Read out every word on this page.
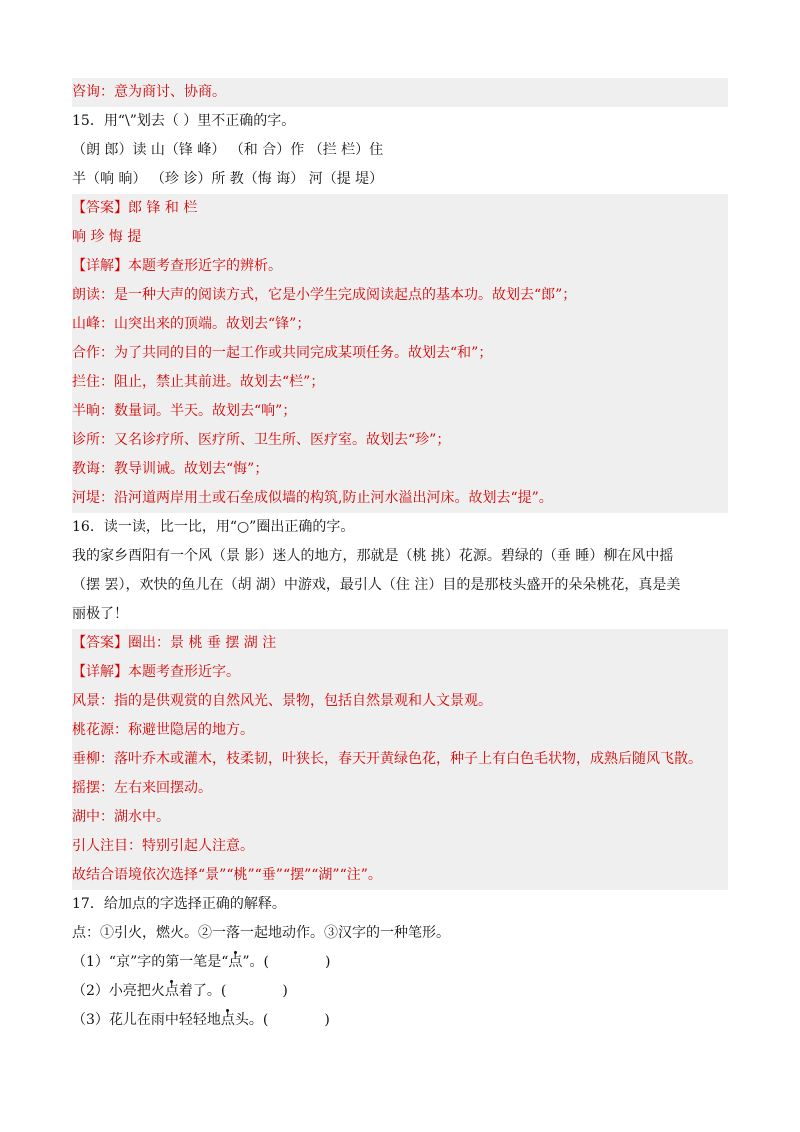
咨询：意为商讨、协商。
15．用“\”划去（ ）里不正确的字。
（朗 郎）读 山（锋 峰） （和 合）作 （拦 栏）住
半（响 晌） （珍 诊）所 教（悔 诲） 河（提 堤）
【答案】郎 锋 和 栏
响 珍 悔 提
【详解】本题考查形近字的辨析。
朗读：是一种大声的阅读方式，它是小学生完成阅读起点的基本功。故划去“郎”；
山峰：山突出来的顶端。故划去“锋”；
合作：为了共同的目的一起工作或共同完成某项任务。故划去“和”；
拦住：阻止，禁止其前进。故划去“栏”；
半晌：数量词。半天。故划去“响”；
诊所：又名诊疗所、医疗所、卫生所、医疗室。故划去“珍”；
教诲：教导训诫。故划去“悔”；
河堤：沿河道两岸用土或石垒成似墙的构筑,防止河水溢出河床。故划去“提”。
16．读一读，比一比，用“○”圈出正确的字。
我的家乡酉阳有一个风（景 影）迷人的地方，那就是（桃 挑）花源。碧绿的（垂 睡）柳在风中摇
（摆 罢），欢快的鱼儿在（胡 湖）中游戏，最引人（住 注）目的是那枝头盛开的朵朵桃花，真是美
丽极了！
【答案】圈出：景 桃 垂 摆 湖 注
【详解】本题考查形近字。
风景：指的是供观赏的自然风光、景物，包括自然景观和人文景观。
桃花源：称避世隐居的地方。
垂柳：落叶乔木或灌木，枝柔韧，叶狭长，春天开黄绿色花，种子上有白色毛状物，成熟后随风飞散。
摇摆：左右来回摆动。
湖中：湖水中。
引人注目：特别引起人注意。
故结合语境依次选择“景”“桃”“垂”“摆”“湖”“注”。
17．给加点的字选择正确的解释。
点：①引火，燃火。②一落一起地动作。③汉字的一种笔形。
（1）“京”字的第一笔是“点”。(　　　　)
（2）小亮把火点着了。(　　　　)
（3）花儿在雨中轻轻地点头。(　　　　)
